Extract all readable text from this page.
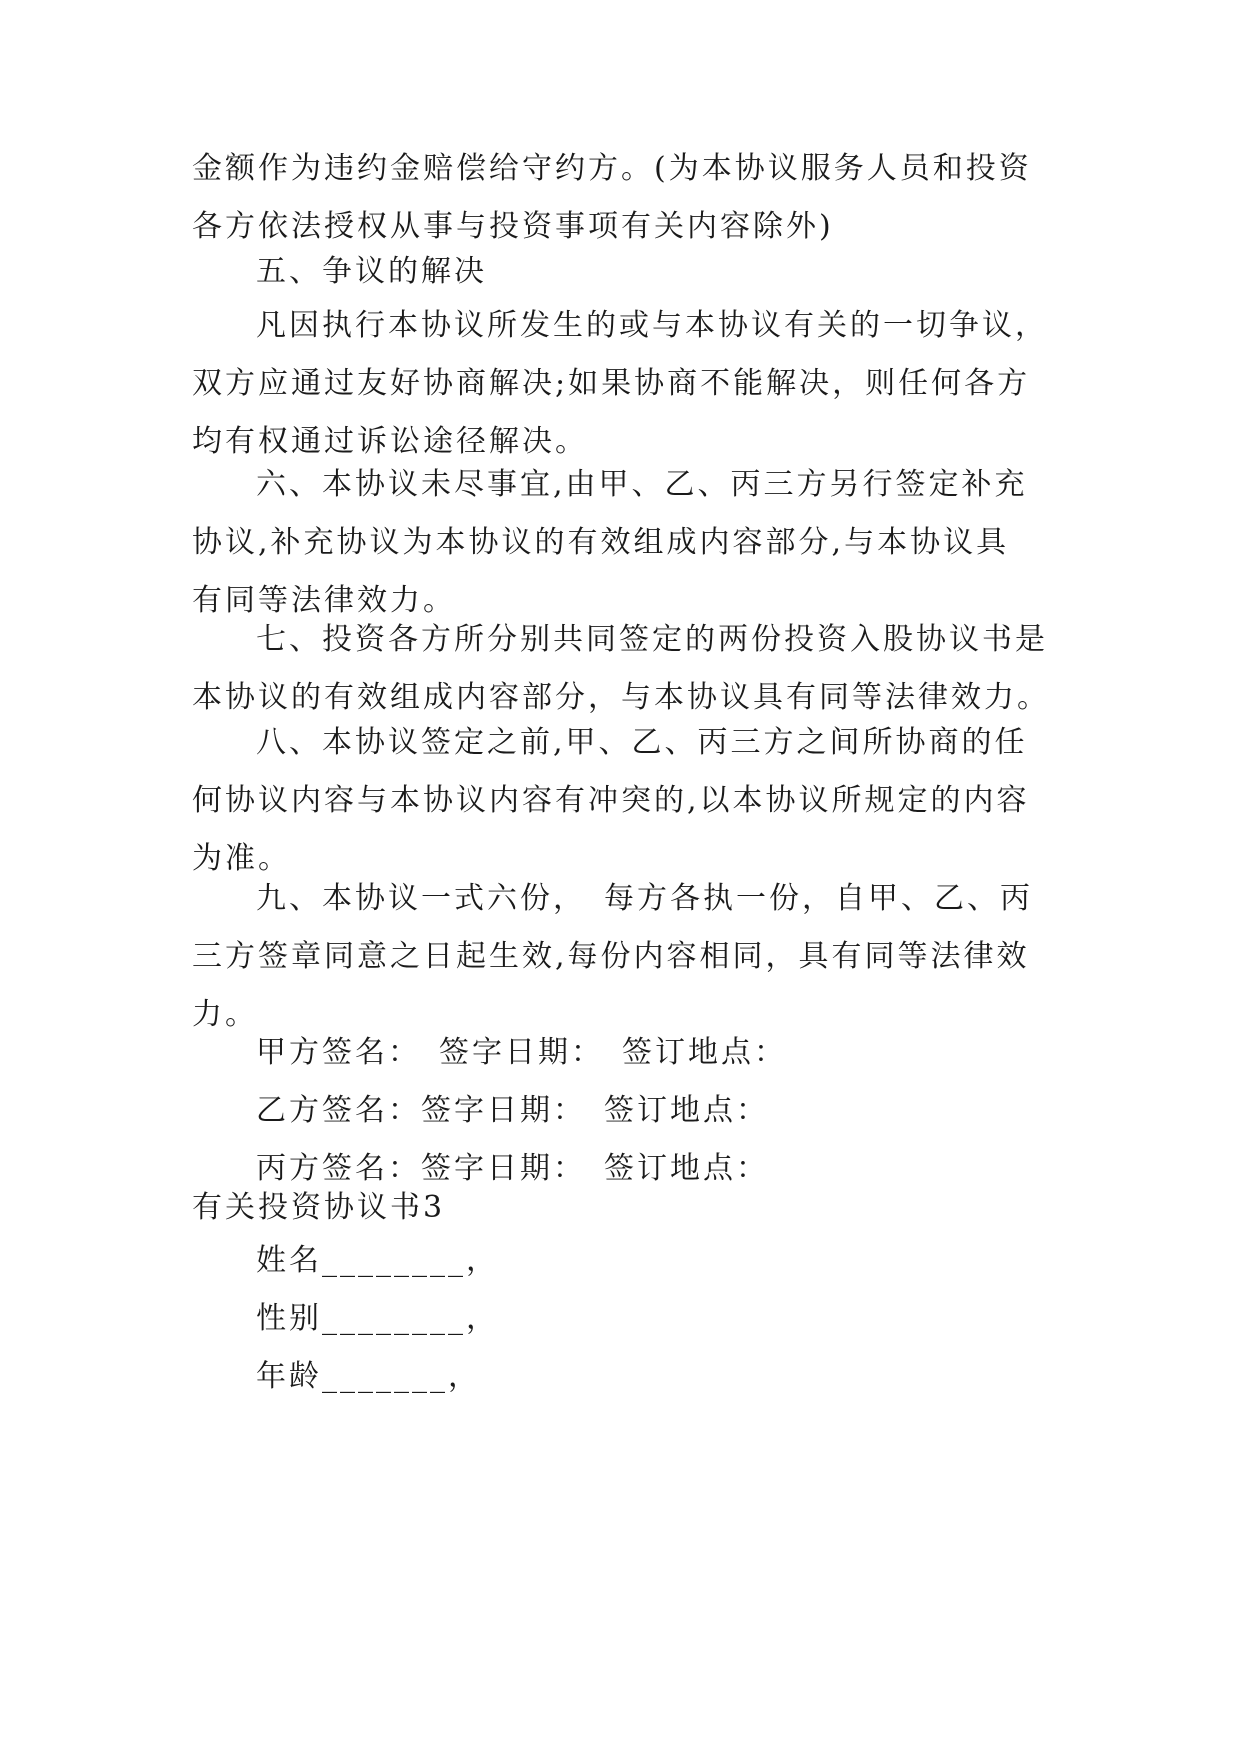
金额作为违约金赔偿给守约方。(为本协议服务人员和投资
各方依法授权从事与投资事项有关内容除外)
五、争议的解决
凡因执行本协议所发生的或与本协议有关的一切争议，
双方应通过友好协商解决;如果协商不能解决，则任何各方
均有权通过诉讼途径解决。
六、本协议未尽事宜,由甲、乙、丙三方另行签定补充
协议,补充协议为本协议的有效组成内容部分,与本协议具
有同等法律效力。
七、投资各方所分别共同签定的两份投资入股协议书是
本协议的有效组成内容部分，与本协议具有同等法律效力。
八、本协议签定之前,甲、乙、丙三方之间所协商的任
何协议内容与本协议内容有冲突的,以本协议所规定的内容
为准。
九、本协议一式六份，　每方各执一份，自甲、乙、丙
三方签章同意之日起生效,每份内容相同，具有同等法律效
力。
甲方签名：　签字日期：　签订地点：
乙方签名：签字日期：　签订地点：
丙方签名：签字日期：　签订地点：
有关投资协议书3
姓名________，
性别________，
年龄_______，
